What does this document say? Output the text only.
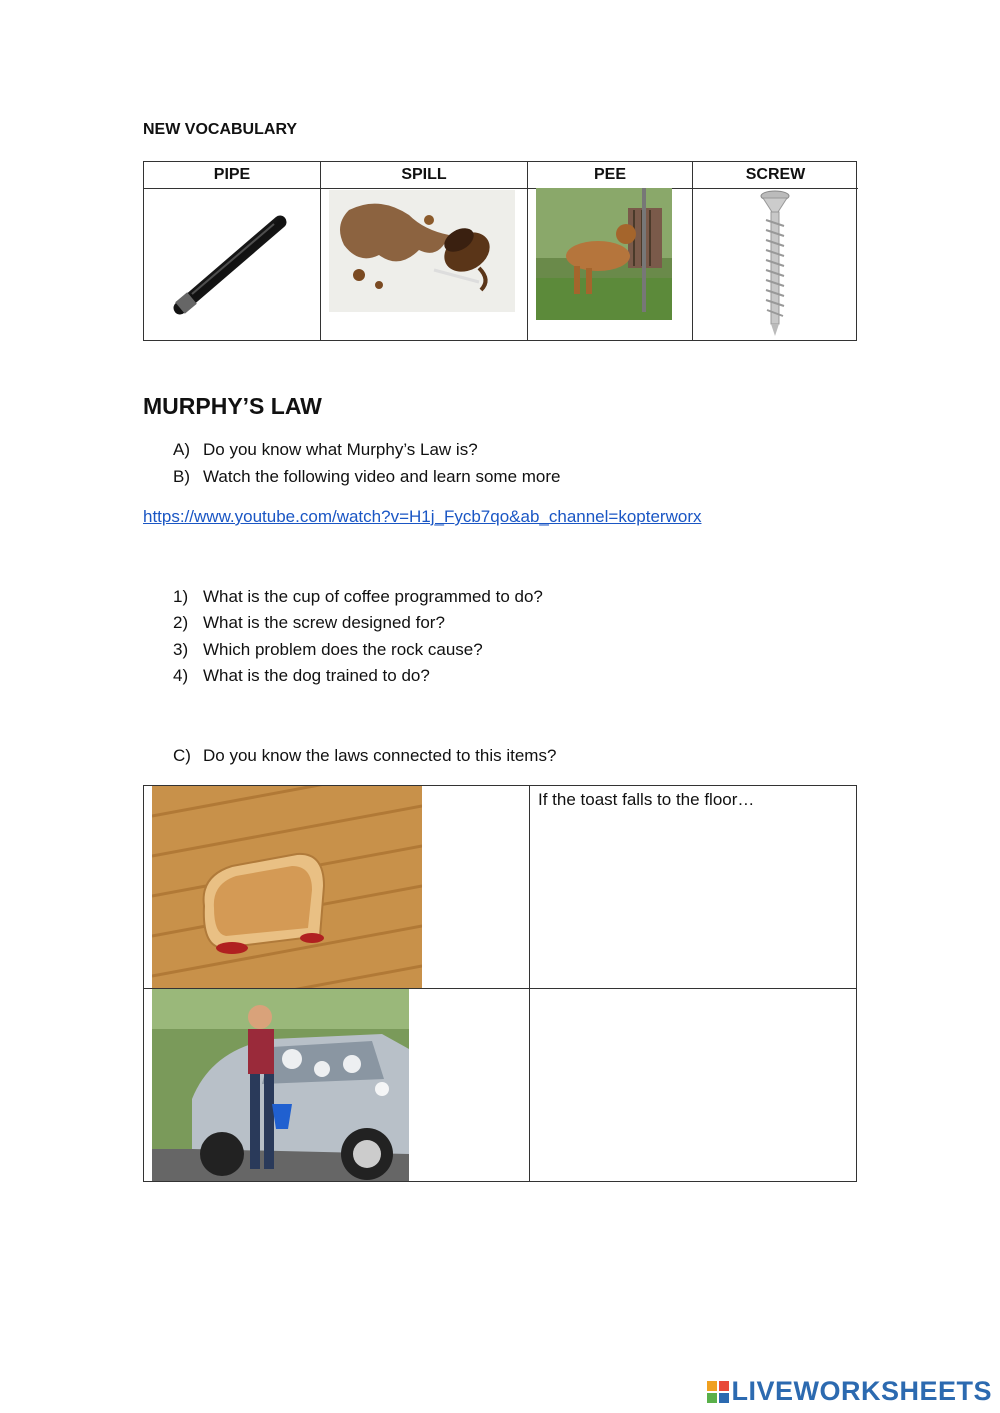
NEW VOCABULARY
PIPE	SPILL	PEE	SCREW
MURPHY’S LAW
A) Do you know what Murphy’s Law is?
B) Watch the following video and learn some more
https://www.youtube.com/watch?v=H1j_Fycb7qo&ab_channel=kopterworx
1) What is the cup of coffee programmed to do?
2) What is the screw designed for?
3) Which problem does the rock cause?
4) What is the dog trained to do?
C) Do you know the laws connected to this items?
If the toast falls to the floor…
LIVEWORKSHEETS
